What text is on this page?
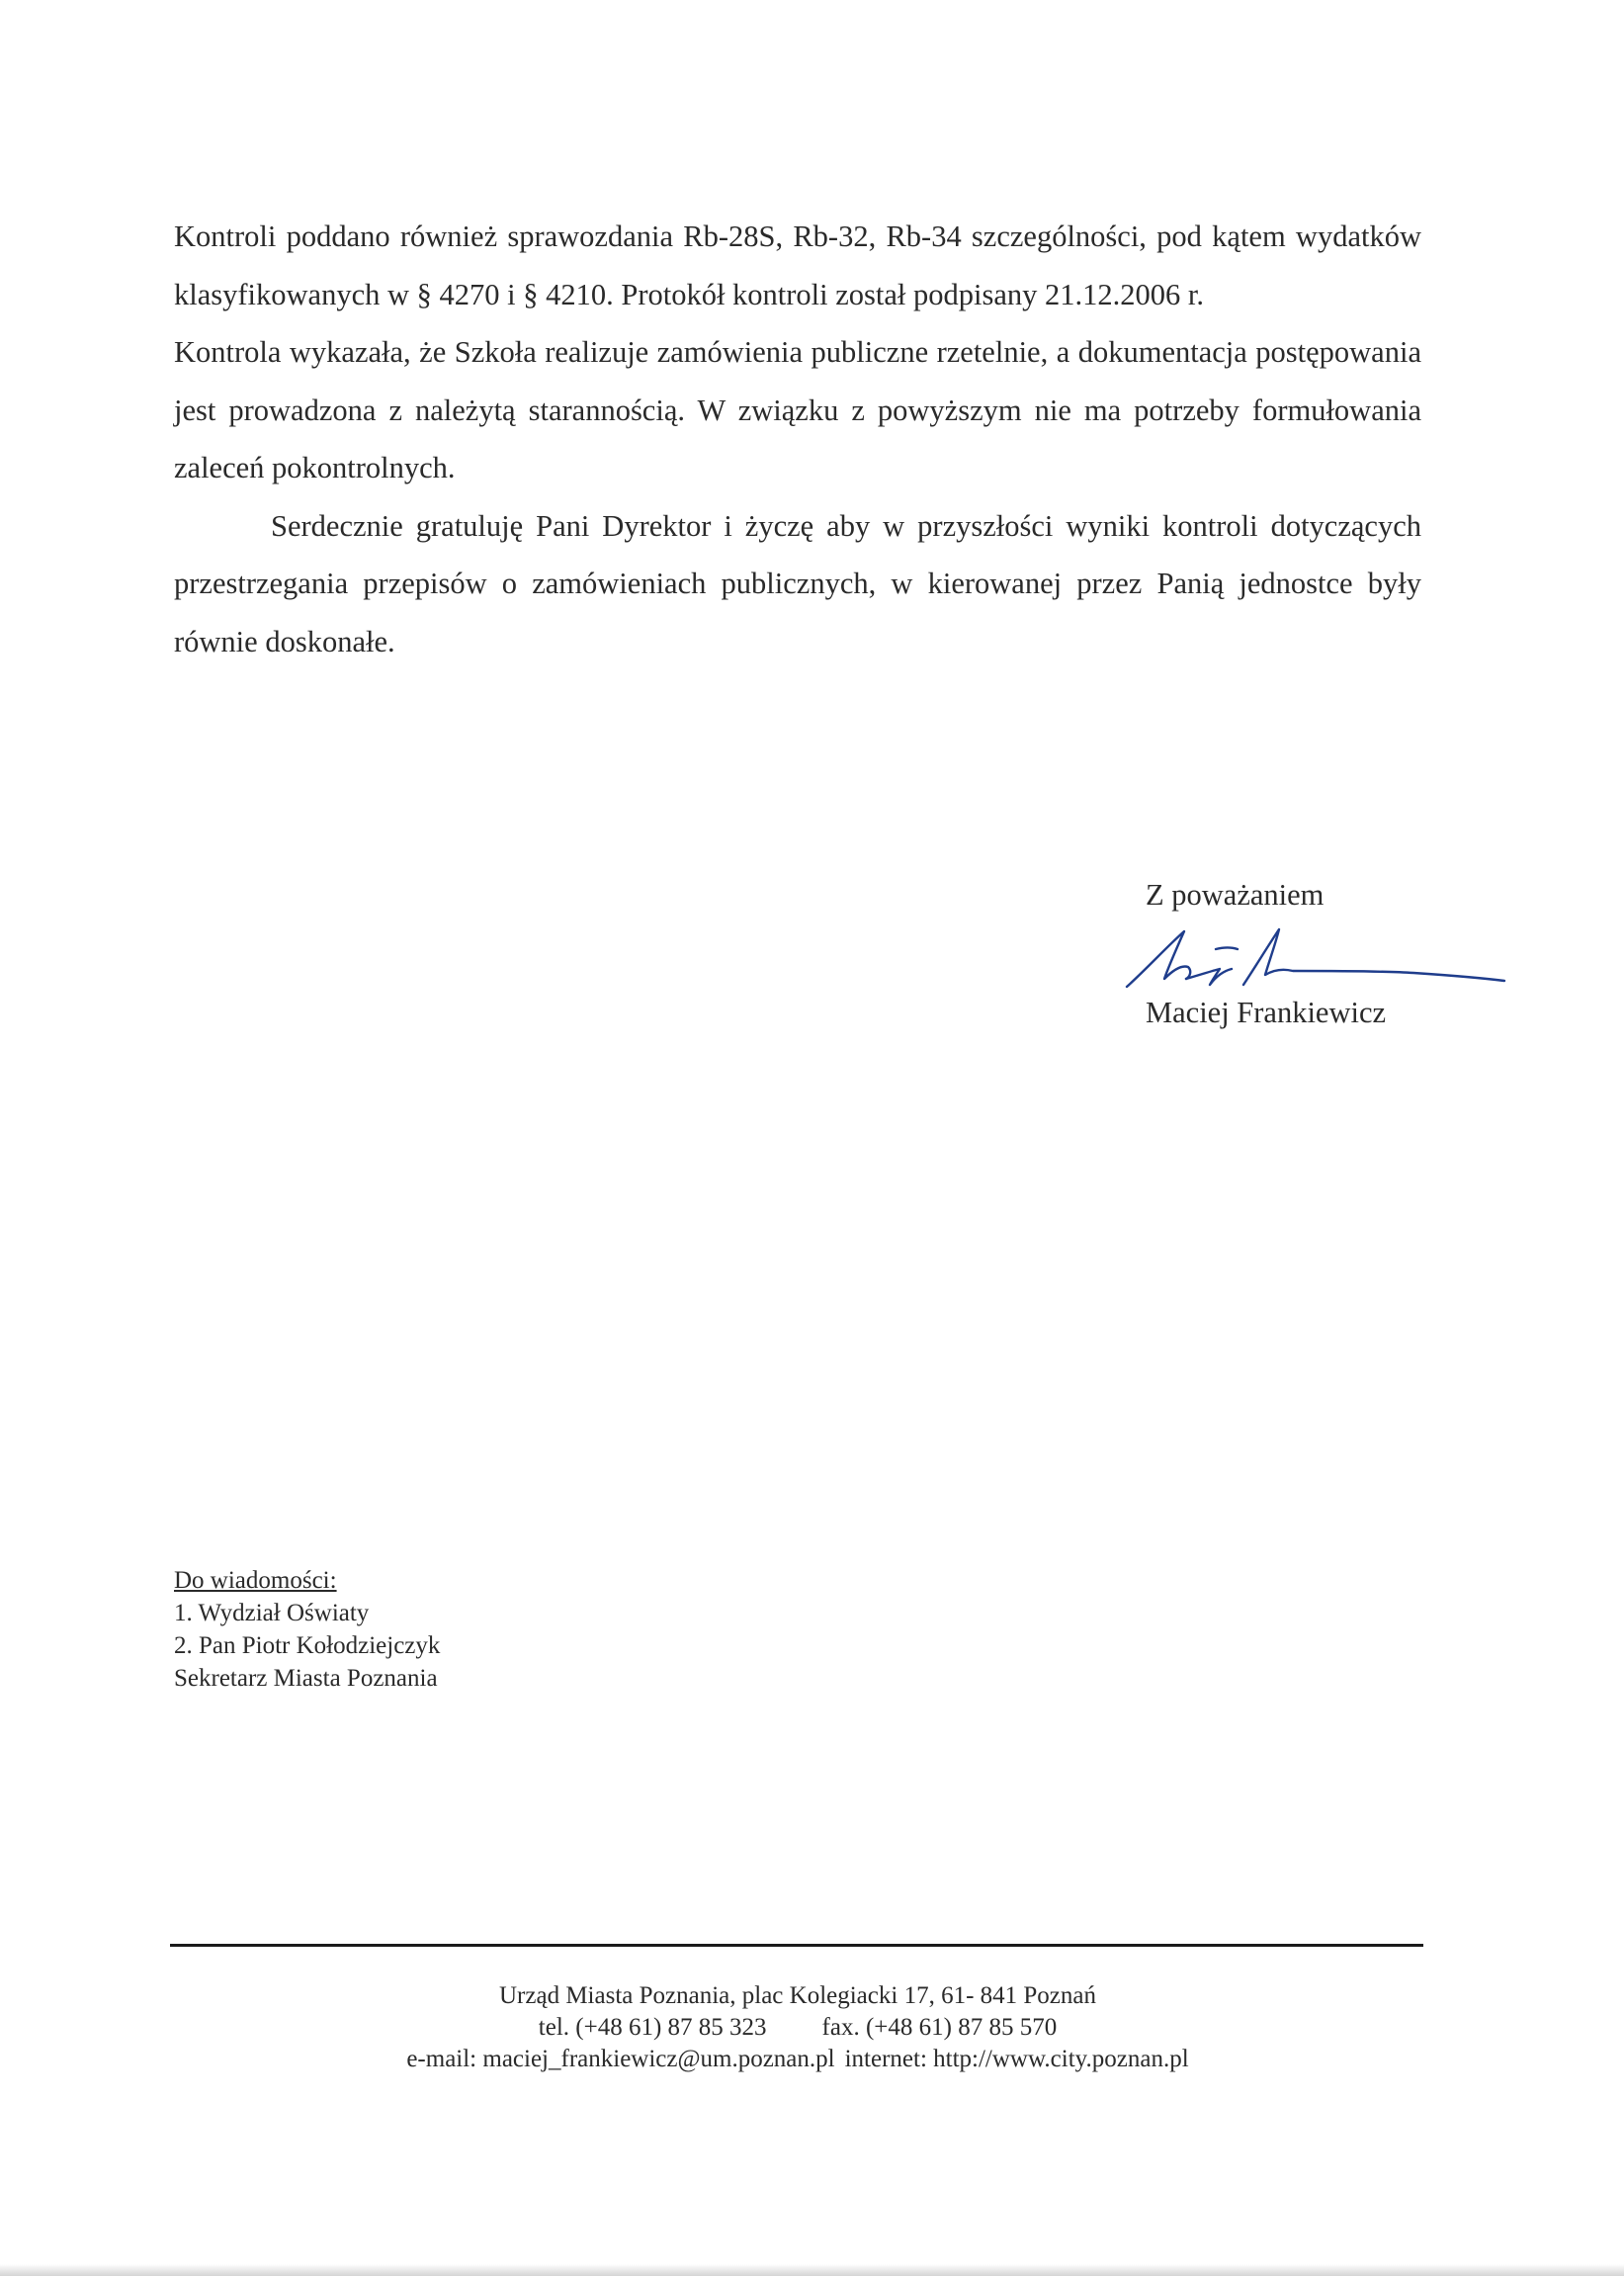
Kontroli poddano również sprawozdania Rb-28S, Rb-32, Rb-34 szczególności, pod kątem wydatków klasyfikowanych w § 4270 i § 4210. Protokół kontroli został podpisany 21.12.2006 r.

Kontrola wykazała, że Szkoła realizuje zamówienia publiczne rzetelnie, a dokumentacja postępowania jest prowadzona z należytą starannością. W związku z powyższym nie ma potrzeby formułowania zaleceń pokontrolnych.

Serdecznie gratuluję Pani Dyrektor i życzę aby w przyszłości wyniki kontroli dotyczących przestrzegania przepisów o zamówieniach publicznych, w kierowanej przez Panią jednostce były równie doskonałe.

Z poważaniem
Maciej Frankiewicz
Do wiadomości:
1. Wydział Oświaty
2. Pan Piotr Kołodziejczyk
Sekretarz Miasta Poznania
Urząd Miasta Poznania, plac Kolegiacki 17, 61- 841 Poznań
tel. (+48 61) 87 85 323 fax. (+48 61) 87 85 570
e-mail: maciej_frankiewicz@um.poznan.pl internet: http://www.city.poznan.pl
